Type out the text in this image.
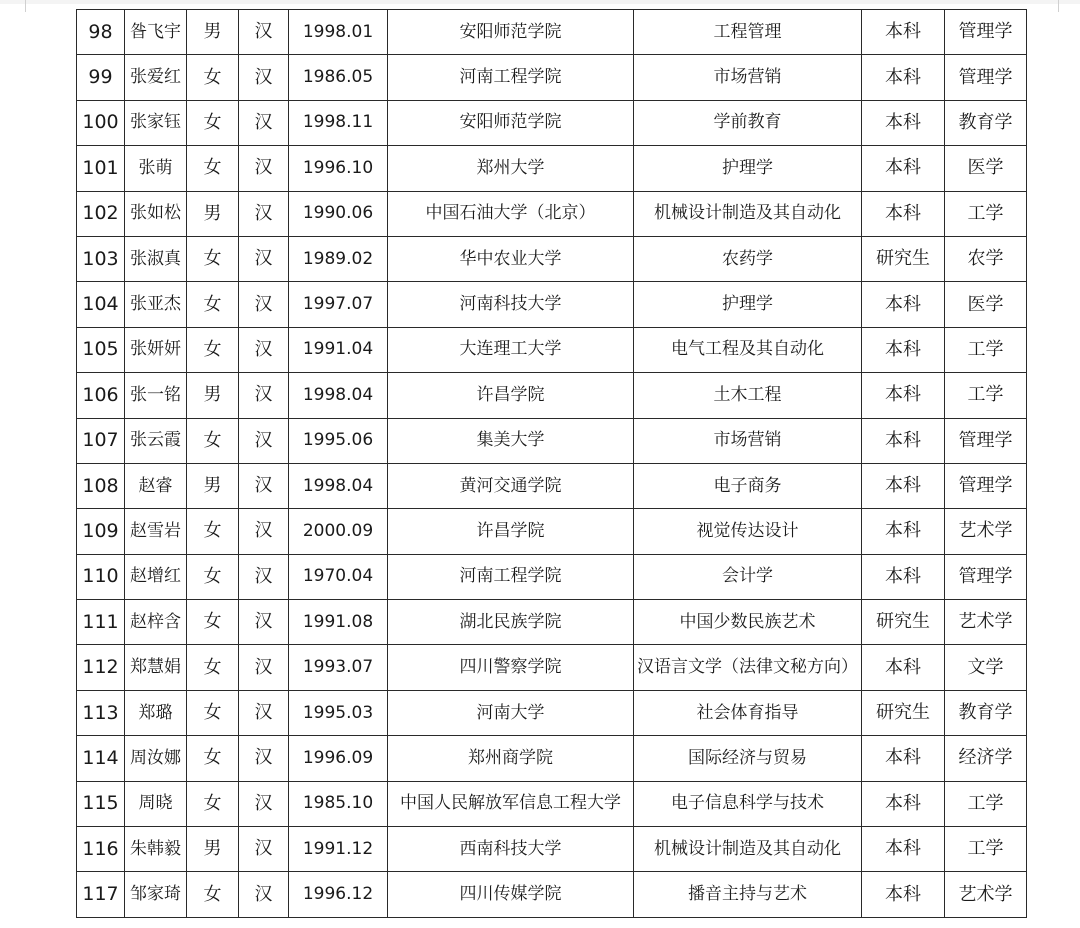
98	昝飞宇	男	汉	1998.01	安阳师范学院	工程管理	本科	管理学
99	张爱红	女	汉	1986.05	河南工程学院	市场营销	本科	管理学
100	张家钰	女	汉	1998.11	安阳师范学院	学前教育	本科	教育学
101	张萌	女	汉	1996.10	郑州大学	护理学	本科	医学
102	张如松	男	汉	1990.06	中国石油大学（北京）	机械设计制造及其自动化	本科	工学
103	张淑真	女	汉	1989.02	华中农业大学	农药学	研究生	农学
104	张亚杰	女	汉	1997.07	河南科技大学	护理学	本科	医学
105	张妍妍	女	汉	1991.04	大连理工大学	电气工程及其自动化	本科	工学
106	张一铭	男	汉	1998.04	许昌学院	土木工程	本科	工学
107	张云霞	女	汉	1995.06	集美大学	市场营销	本科	管理学
108	赵睿	男	汉	1998.04	黄河交通学院	电子商务	本科	管理学
109	赵雪岩	女	汉	2000.09	许昌学院	视觉传达设计	本科	艺术学
110	赵增红	女	汉	1970.04	河南工程学院	会计学	本科	管理学
111	赵梓含	女	汉	1991.08	湖北民族学院	中国少数民族艺术	研究生	艺术学
112	郑慧娟	女	汉	1993.07	四川警察学院	汉语言文学（法律文秘方向）	本科	文学
113	郑璐	女	汉	1995.03	河南大学	社会体育指导	研究生	教育学
114	周汝娜	女	汉	1996.09	郑州商学院	国际经济与贸易	本科	经济学
115	周晓	女	汉	1985.10	中国人民解放军信息工程大学	电子信息科学与技术	本科	工学
116	朱韩毅	男	汉	1991.12	西南科技大学	机械设计制造及其自动化	本科	工学
117	邹家琦	女	汉	1996.12	四川传媒学院	播音主持与艺术	本科	艺术学
